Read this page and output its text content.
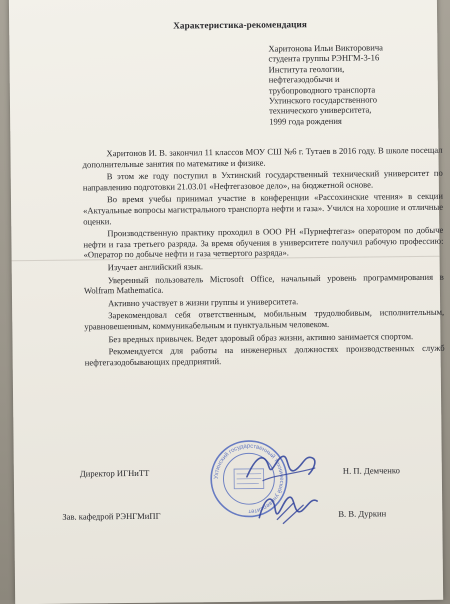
Характеристика-рекомендация
Харитонова Ильи Викторовича
студента группы РЭНГМ-3-16
Института геологии,
нефтегазодобычи и
трубопроводного транспорта
Ухтинского государственного
технического университета,
1999 года рождения

Харитонов И. В. закончил 11 классов МОУ СШ №6 г. Тутаев в 2016 году. В школе посещал дополнительные занятия по математике и физике.

В этом же году поступил в Ухтинский государственный технический университет по направлению подготовки 21.03.01 «Нефтегазовое дело», на бюджетной основе.

Во время учебы принимал участие в конференции «Рассохинские чтения» в секции «Актуальные вопросы магистрального транспорта нефти и газа». Учился на хорошие и отличные оценки.

Производственную практику проходил в ООО РН «Пурнефтегаз» оператором по добыче нефти и газа третьего разряда. За время обучения в университете получил рабочую профессию: «Оператор по добыче нефти и газа четвертого разряда».

Изучает английский язык.

Уверенный пользователь Microsoft Office, начальный уровень программирования в Wolfram Mathematica.

Активно участвует в жизни группы и университета.

Зарекомендовал себя ответственным, мобильным трудолюбивым, исполнительным, уравновешенным, коммуникабельным и пунктуальным человеком.

Без вредных привычек. Ведет здоровый образ жизни, активно занимается спортом.

Рекомендуется для работы на инженерных должностях производственных служб нефтегазодобывающих предприятий.

Директор ИГНиТТ	Н. П. Демченко
Зав. кафедрой РЭНГМиПГ	В. В. Дуркин
Ухтинский государственный технический университет
